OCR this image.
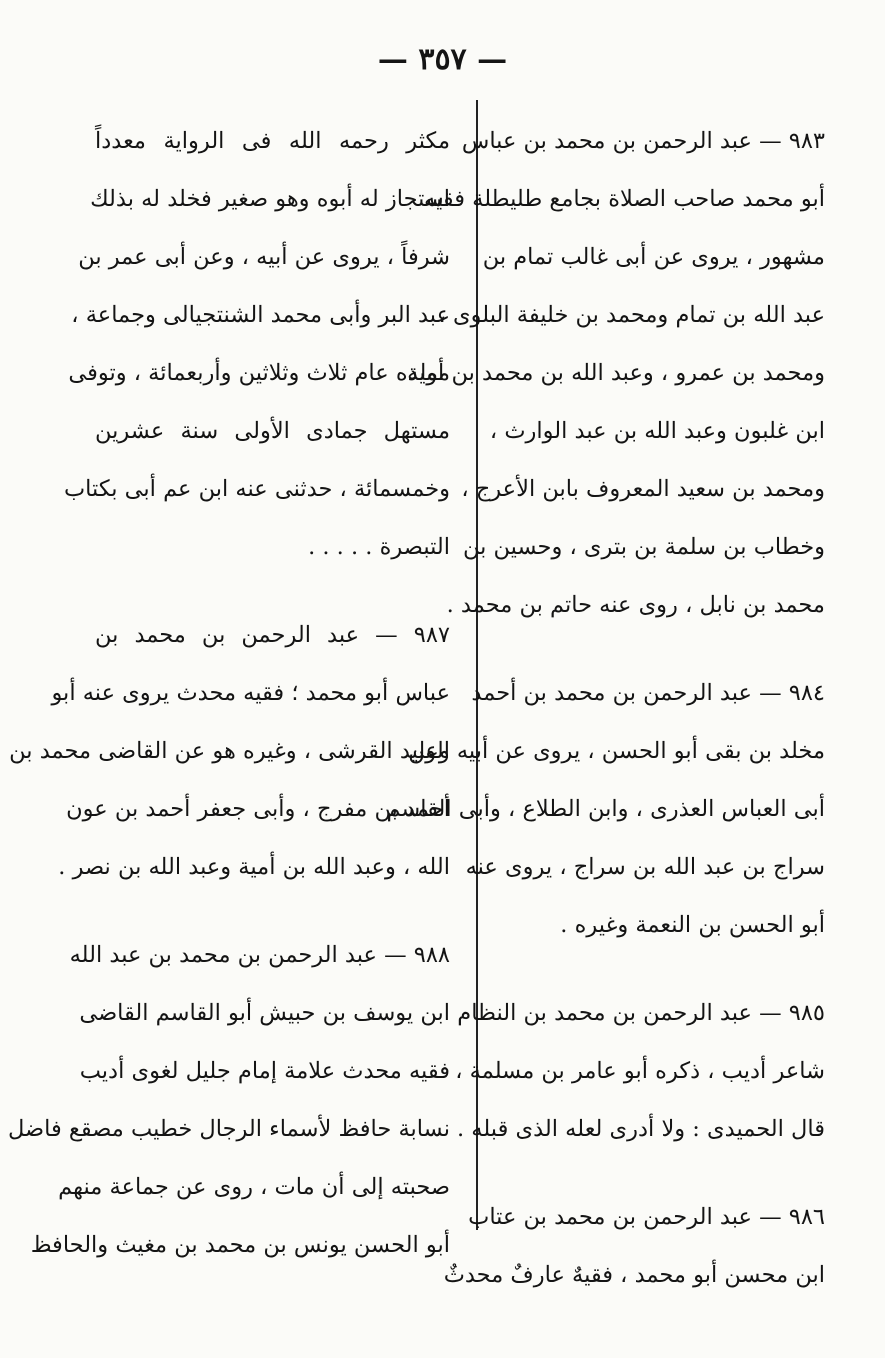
— ٣٥٧ —
٩٨٣ — عبد الرحمن بن محمد بن عباس
أبو محمد صاحب الصلاة بجامع طليطلة فقيه
مشهور ، يروى عن أبى غالب تمام بن
عبد الله بن تمام ومحمد بن خليفة البلوى ،
ومحمد بن عمرو ، وعبد الله بن محمد بن أمية
ابن غلبون وعبد الله بن عبد الوارث ،
ومحمد بن سعيد المعروف بابن الأعرج ،
وخطاب بن سلمة بن بترى ، وحسين بن
محمد بن نابل ، روى عنه حاتم بن محمد .
٩٨٤ — عبد الرحمن بن محمد بن أحمد
مخلد بن بقى أبو الحسن ، يروى عن أبيه وعن
أبى العباس العذرى ، وابن الطلاع ، وأبى القاسم
سراج بن عبد الله بن سراج ، يروى عنه
أبو الحسن بن النعمة وغيره .
٩٨٥ — عبد الرحمن بن محمد بن النظام
شاعر أديب ، ذكره أبو عامر بن مسلمة ،
قال الحميدى : ولا أدرى لعله الذى قبله .
٩٨٦ — عبد الرحمن بن محمد بن عتاب
ابن محسن أبو محمد ، فقيهٌ عارفٌ محدثٌ
مكثر رحمه الله فى الرواية معدداً
استجاز له أبوه وهو صغير فخلد له بذلك
شرفاً ، يروى عن أبيه ، وعن أبى عمر بن
عبد البر وأبى محمد الشنتجيالى وجماعة ،
مولده عام ثلاث وثلاثين وأربعمائة ، وتوفى
مستهل جمادى الأولى سنة عشرين
وخمسمائة ، حدثنى عنه ابن عم أبى بكتاب
التبصرة . . . . .
٩٨٧ — عبد الرحمن بن محمد بن
عباس أبو محمد ؛ فقيه محدث يروى عنه أبو
الوليد القرشى ، وغيره هو عن القاضى محمد بن
أحمد بن مفرج ، وأبى جعفر أحمد بن عون
الله ، وعبد الله بن أمية وعبد الله بن نصر .
٩٨٨ — عبد الرحمن بن محمد بن عبد الله
ابن يوسف بن حبيش أبو القاسم القاضى
فقيه محدث علامة إمام جليل لغوى أديب
نسابة حافظ لأسماء الرجال خطيب مصقع فاضل
صحبته إلى أن مات ، روى عن جماعة منهم
أبو الحسن يونس بن محمد بن مغيث والحافظ
